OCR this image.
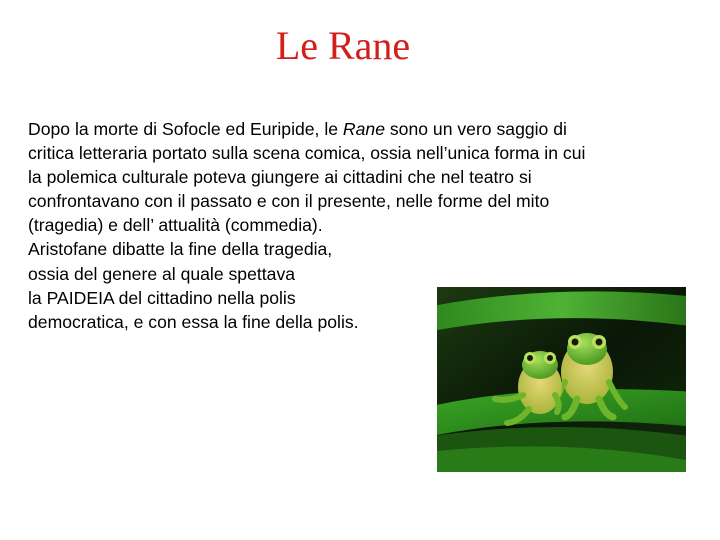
Le Rane

Dopo la morte di Sofocle ed Euripide, le Rane sono un vero saggio di
critica letteraria portato sulla scena comica, ossia nell’unica forma in cui
la polemica culturale poteva giungere ai cittadini che nel teatro si
confrontavano con il passato e con il presente, nelle forme del mito
(tragedia) e dell’ attualità (commedia).

Aristofane dibatte la fine della tragedia,
ossia del genere al quale spettava
la PAIDEIA del cittadino nella polis
democratica, e con essa la fine della polis.
